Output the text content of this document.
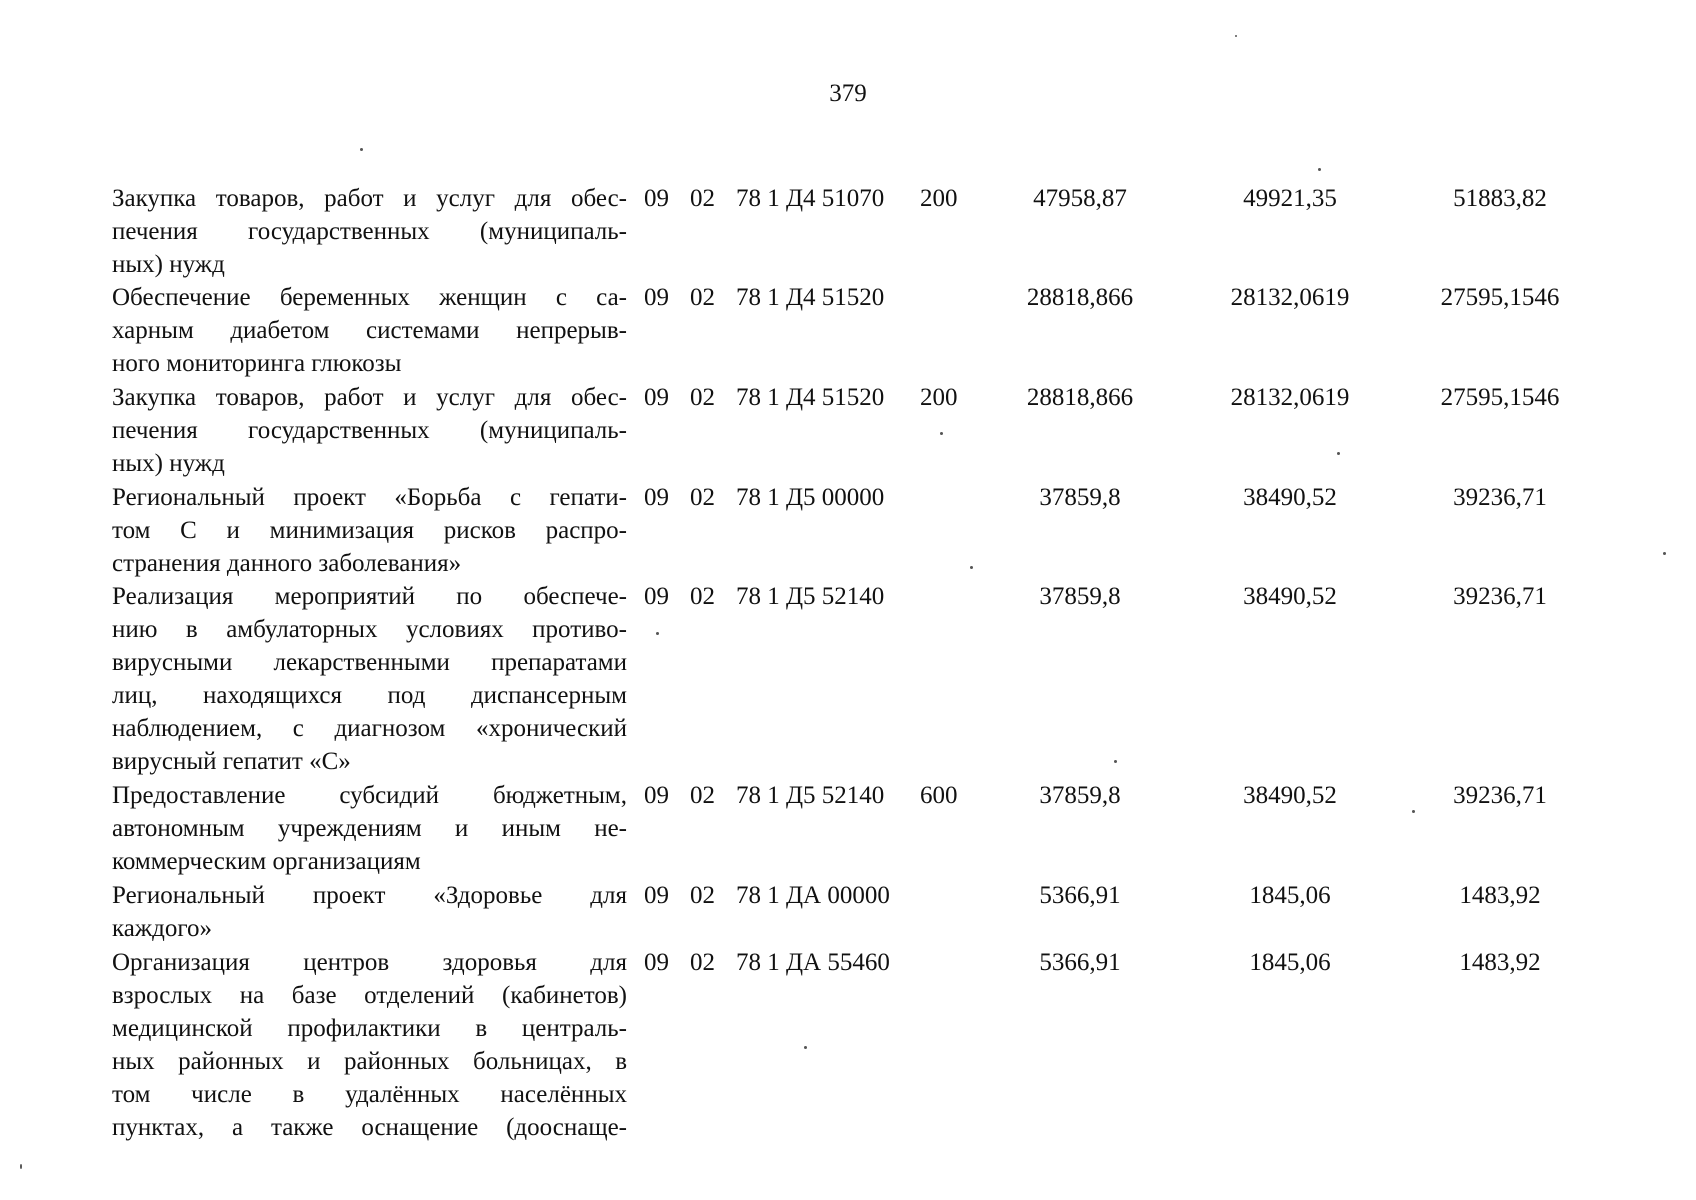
379
Закупка товаров, работ и услуг для обес-
печения государственных (муниципаль-
ных) нужд
09 02 78 1 Д4 51070 200	47958,87	49921,35	51883,82
Обеспечение беременных женщин с са-
харным диабетом системами непрерыв-
ного мониторинга глюкозы
09 02 78 1 Д4 51520	28818,866	28132,0619	27595,1546
Закупка товаров, работ и услуг для обес-
печения государственных (муниципаль-
ных) нужд
09 02 78 1 Д4 51520 200	28818,866	28132,0619	27595,1546
Региональный проект «Борьба с гепати-
том С и минимизация рисков распро-
странения данного заболевания»
09 02 78 1 Д5 00000	37859,8	38490,52	39236,71
Реализация мероприятий по обеспече-
нию в амбулаторных условиях противо-
вирусными лекарственными препаратами
лиц, находящихся под диспансерным
наблюдением, с диагнозом «хронический
вирусный гепатит «С»
09 02 78 1 Д5 52140	37859,8	38490,52	39236,71
Предоставление субсидий бюджетным,
автономным учреждениям и иным не-
коммерческим организациям
09 02 78 1 Д5 52140 600	37859,8	38490,52	39236,71
Региональный проект «Здоровье для
каждого»
09 02 78 1 ДА 00000	5366,91	1845,06	1483,92
Организация центров здоровья для
взрослых на базе отделений (кабинетов)
медицинской профилактики в централь-
ных районных и районных больницах, в
том числе в удалённых населённых
пунктах, а также оснащение (дооснаще-
09 02 78 1 ДА 55460	5366,91	1845,06	1483,92
